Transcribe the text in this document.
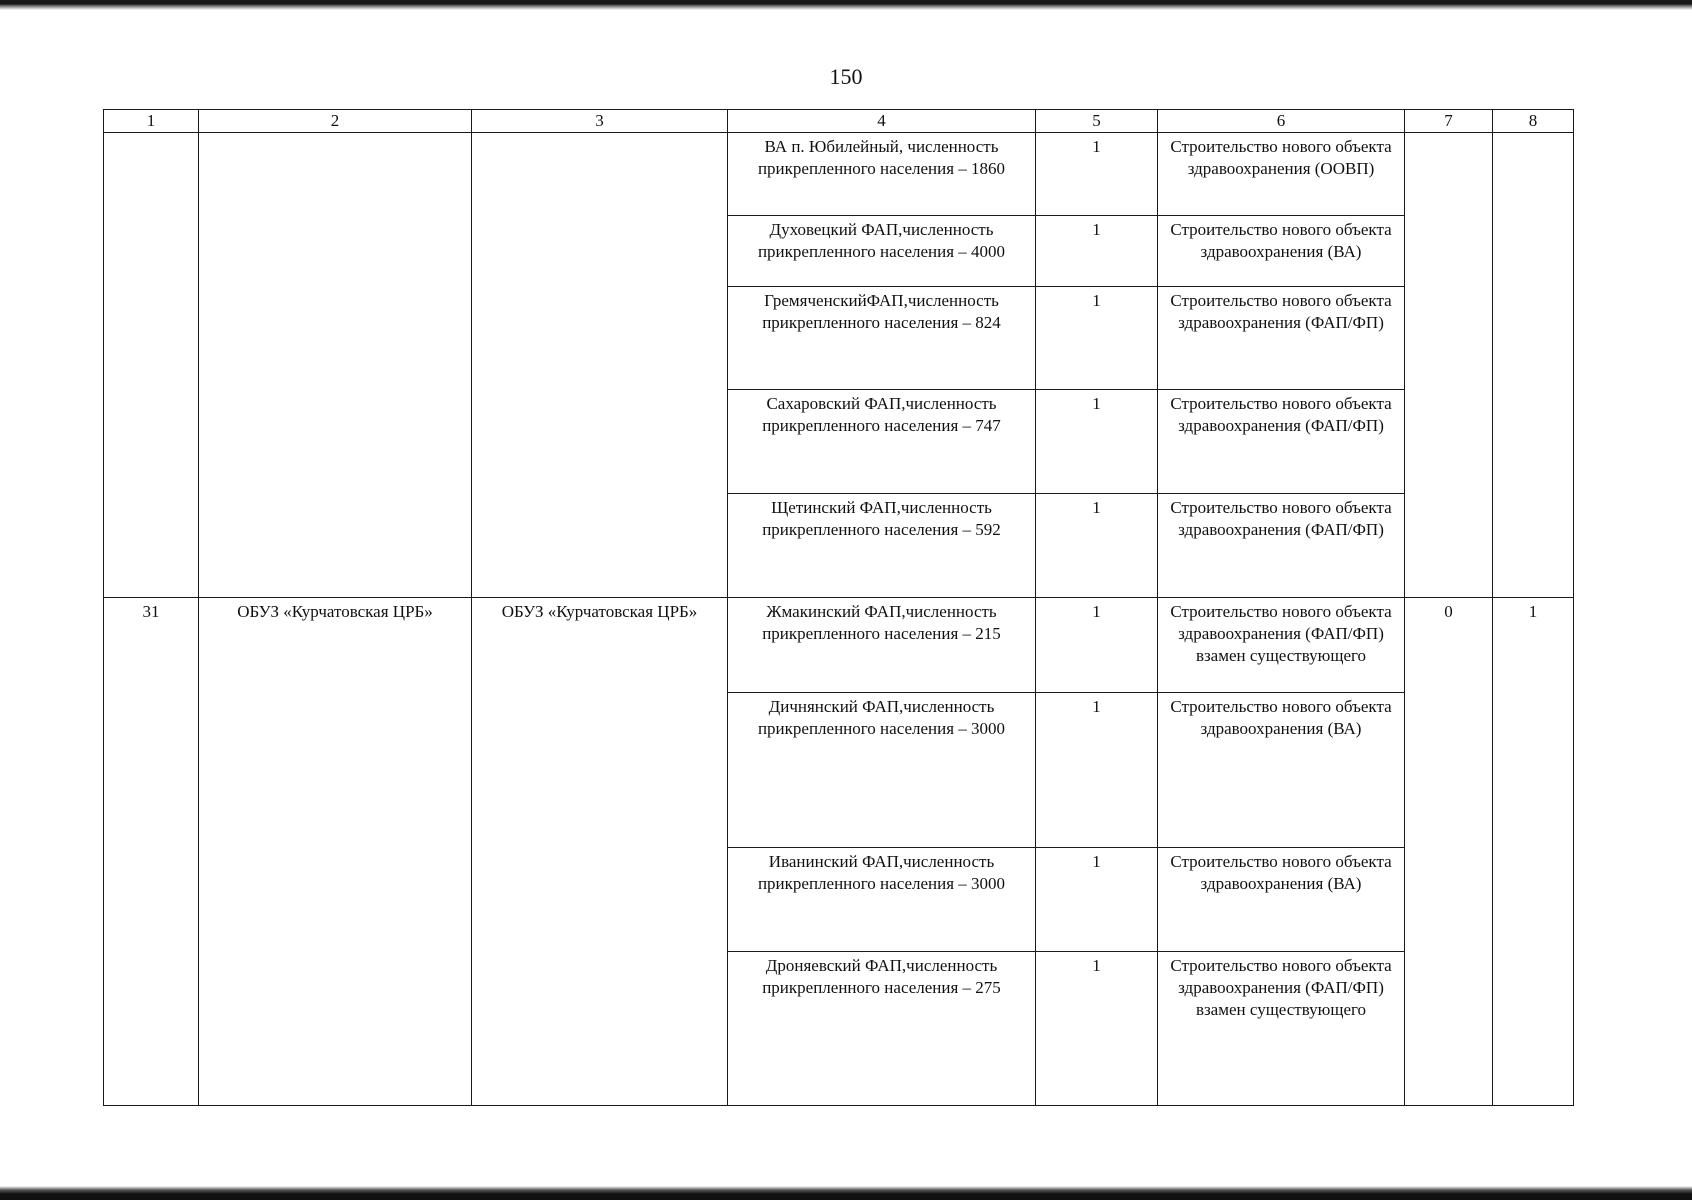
150
1	2	3	4	5	6	7	8
			ВА п. Юбилейный, численность прикрепленного населения – 1860	1	Строительство нового объекта здравоохранения (ООВП)		
			Духовецкий ФАП,численность прикрепленного населения – 4000	1	Строительство нового объекта здравоохранения (ВА)		
			ГремяченскийФАП,численность прикрепленного населения – 824	1	Строительство нового объекта здравоохранения (ФАП/ФП)		
			Сахаровский ФАП,численность прикрепленного населения – 747	1	Строительство нового объекта здравоохранения (ФАП/ФП)		
			Щетинский ФАП,численность прикрепленного населения – 592	1	Строительство нового объекта здравоохранения (ФАП/ФП)		
31	ОБУЗ «Курчатовская ЦРБ»	ОБУЗ «Курчатовская ЦРБ»	Жмакинский ФАП,численность прикрепленного населения – 215	1	Строительство нового объекта здравоохранения (ФАП/ФП) взамен существующего	0	1
			Дичнянский ФАП,численность прикрепленного населения – 3000	1	Строительство нового объекта здравоохранения (ВА)		
			Иванинский ФАП,численность прикрепленного населения – 3000	1	Строительство нового объекта здравоохранения (ВА)		
			Дроняевский ФАП,численность прикрепленного населения – 275	1	Строительство нового объекта здравоохранения (ФАП/ФП) взамен существующего		
